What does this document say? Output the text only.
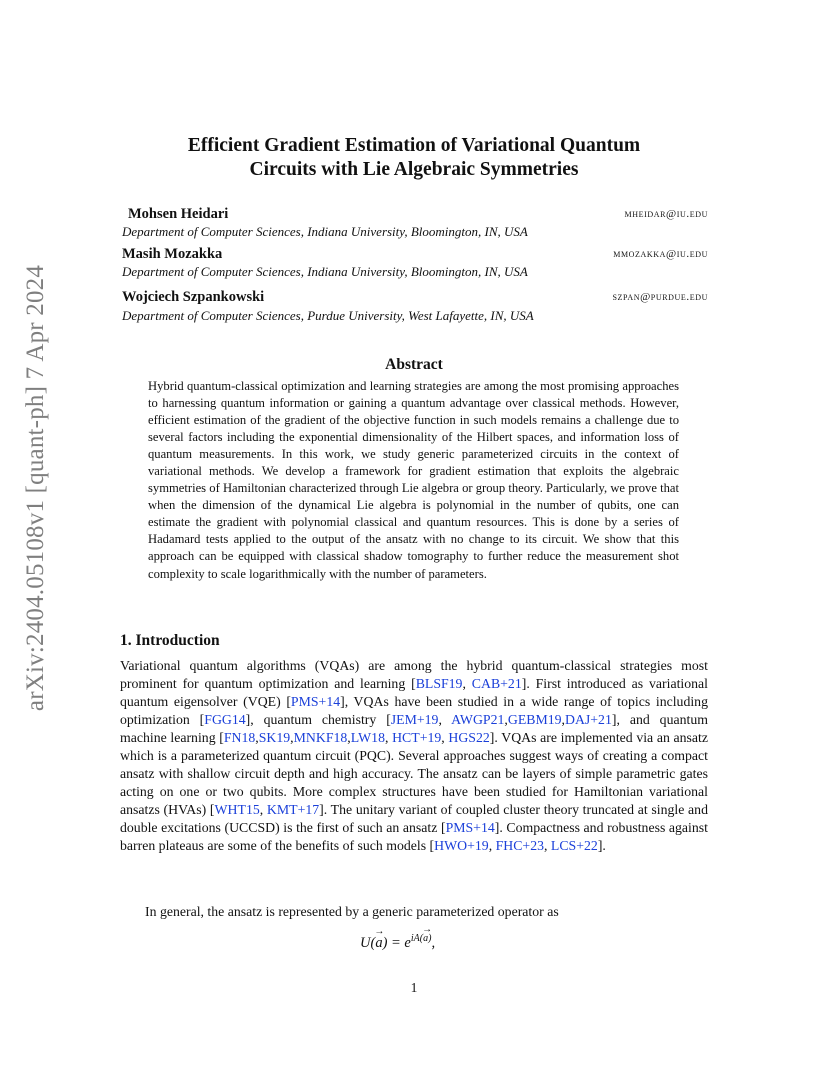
arXiv:2404.05108v1 [quant-ph] 7 Apr 2024
Efficient Gradient Estimation of Variational Quantum
Circuits with Lie Algebraic Symmetries
Mohsen Heidari	mheidar@iu.edu
Department of Computer Sciences, Indiana University, Bloomington, IN, USA
Masih Mozakka	mmozakka@iu.edu
Department of Computer Sciences, Indiana University, Bloomington, IN, USA
Wojciech Szpankowski	szpan@purdue.edu
Department of Computer Sciences, Purdue University, West Lafayette, IN, USA
Abstract
Hybrid quantum-classical optimization and learning strategies are among the most promising approaches to harnessing quantum information or gaining a quantum advantage over classical methods. However, efficient estimation of the gradient of the objective function in such models remains a challenge due to several factors including the exponential dimensionality of the Hilbert spaces, and information loss of quantum measurements. In this work, we study generic parameterized circuits in the context of variational methods. We develop a framework for gradient estimation that exploits the algebraic symmetries of Hamiltonian characterized through Lie algebra or group theory. Particularly, we prove that when the dimension of the dynamical Lie algebra is polynomial in the number of qubits, one can estimate the gradient with polynomial classical and quantum resources. This is done by a series of Hadamard tests applied to the output of the ansatz with no change to its circuit. We show that this approach can be equipped with classical shadow tomography to further reduce the measurement shot complexity to scale logarithmically with the number of parameters.
1. Introduction
Variational quantum algorithms (VQAs) are among the hybrid quantum-classical strategies most prominent for quantum optimization and learning [BLSF19, CAB+21]. First introduced as variational quantum eigensolver (VQE) [PMS+14], VQAs have been studied in a wide range of topics including optimization [FGG14], quantum chemistry [JEM+19, AWGP21,GEBM19,DAJ+21], and quantum machine learning [FN18,SK19,MNKF18,LW18, HCT+19, HGS22]. VQAs are implemented via an ansatz which is a parameterized quantum circuit (PQC). Several approaches suggest ways of creating a compact ansatz with shallow circuit depth and high accuracy. The ansatz can be layers of simple parametric gates acting on one or two qubits. More complex structures have been studied for Hamiltonian variational ansatzs (HVAs) [WHT15, KMT+17]. The unitary variant of coupled cluster theory truncated at single and double excitations (UCCSD) is the first of such an ansatz [PMS+14]. Compactness and robustness against barren plateaus are some of the benefits of such models [HWO+19, FHC+23, LCS+22].
In general, the ansatz is represented by a generic parameterized operator as
$U(\to a) = e^{iA(\to a)}$,
1
